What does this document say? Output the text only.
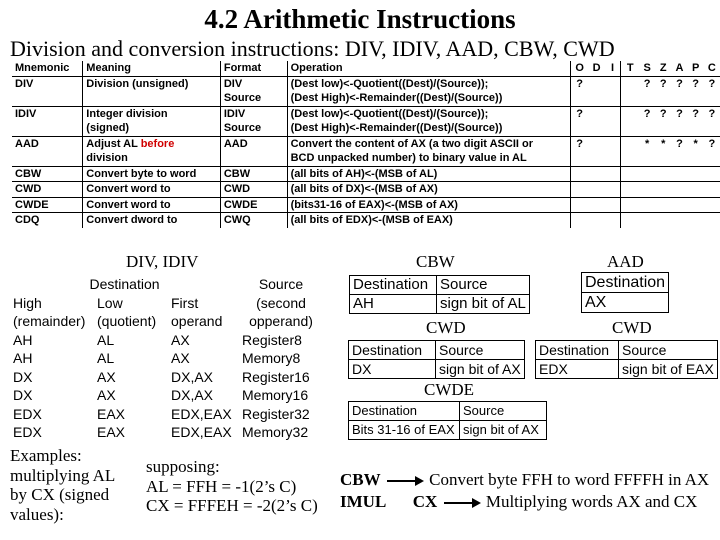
4.2 Arithmetic Instructions
Division and conversion instructions: DIV, IDIV, AAD, CBW, CWD
Mnemonic	Meaning	Format	Operation	O	D	I	T	S	Z	A	P	C
DIV	Division (unsigned)	DIV	(Dest low)<-Quotient((Dest)/(Source));	?				?	?	?	?	?
		Source	(Dest High)<-Remainder((Dest)/(Source))									
IDIV	Integer division	IDIV	(Dest low)<-Quotient((Dest)/(Source));	?				?	?	?	?	?
	(signed)	Source	(Dest High)<-Remainder((Dest)/(Source))									
AAD	Adjust AL before	AAD	Convert the content of AX (a two digit ASCII or	?				*	*	?	*	?
	division		BCD unpacked number) to binary value in AL									
CBW	Convert byte to word	CBW	(all bits of AH)<-(MSB of AL)									
CWD	Convert word to	CWD	(all bits of DX)<-(MSB of AX)									
CWDE	Convert word to	CWDE	(bits31-16 of EAX)<-(MSB of AX)									
CDQ	Convert dword to	CWQ	(all bits of EDX)<-(MSB of EAX)									
DIV, IDIV
Destination			Source
High	Low	First	(second
(remainder)	(quotient)	operand	opperand)
AH	AL	AX	Register8
AH	AL	AX	Memory8
DX	AX	DX,AX	Register16
DX	AX	DX,AX	Memory16
EDX	EAX	EDX,EAX	Register32
EDX	EAX	EDX,EAX	Memory32
CBW
Destination	Source
AH	sign bit of AL
AAD
Destination
AX
CWD
Destination	Source
DX	sign bit of AX
CWD
Destination	Source
EDX	sign bit of EAX
CWDE
Destination	Source
Bits 31-16 of EAX	sign bit of AX
Examples:
multiplying AL
by CX (signed
values):
supposing:
AL = FFH = -1(2’s C)
CX = FFFEH = -2(2’s C)
CBW	Convert byte FFH to word FFFFH in AX
IMUL CX	Multiplying words AX and CX
